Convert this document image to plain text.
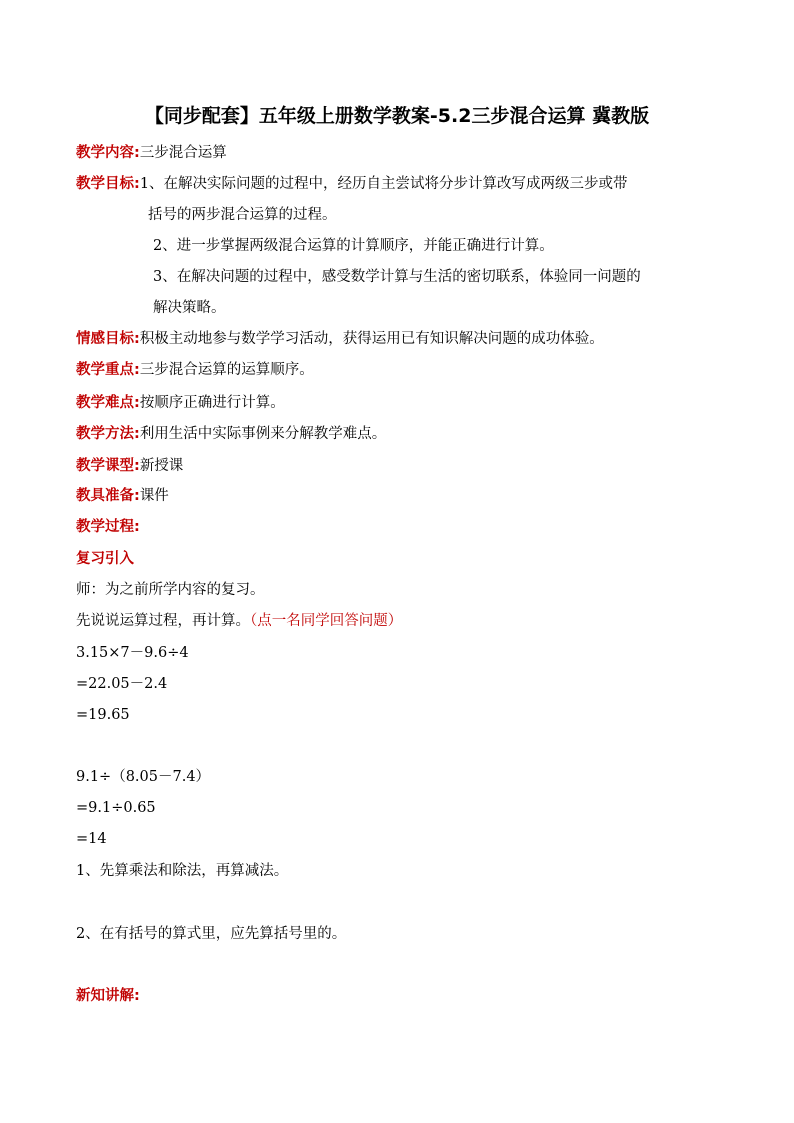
【同步配套】五年级上册数学教案-5.2三步混合运算 冀教版
教学内容:三步混合运算
教学目标:1、在解决实际问题的过程中，经历自主尝试将分步计算改写成两级三步或带
括号的两步混合运算的过程。
2、进一步掌握两级混合运算的计算顺序，并能正确进行计算。
3、在解决问题的过程中，感受数学计算与生活的密切联系，体验同一问题的
解决策略。
情感目标:积极主动地参与数学学习活动，获得运用已有知识解决问题的成功体验。
教学重点:三步混合运算的运算顺序。
教学难点:按顺序正确进行计算。
教学方法:利用生活中实际事例来分解教学难点。
教学课型:新授课
教具准备:课件
教学过程:
复习引入
师：为之前所学内容的复习。
先说说运算过程，再计算。（点一名同学回答问题）
3.15×7－9.6÷4
=22.05－2.4
=19.65
9.1÷（8.05－7.4）
=9.1÷0.65
=14
1、先算乘法和除法，再算减法。
2、在有括号的算式里，应先算括号里的。
新知讲解:
